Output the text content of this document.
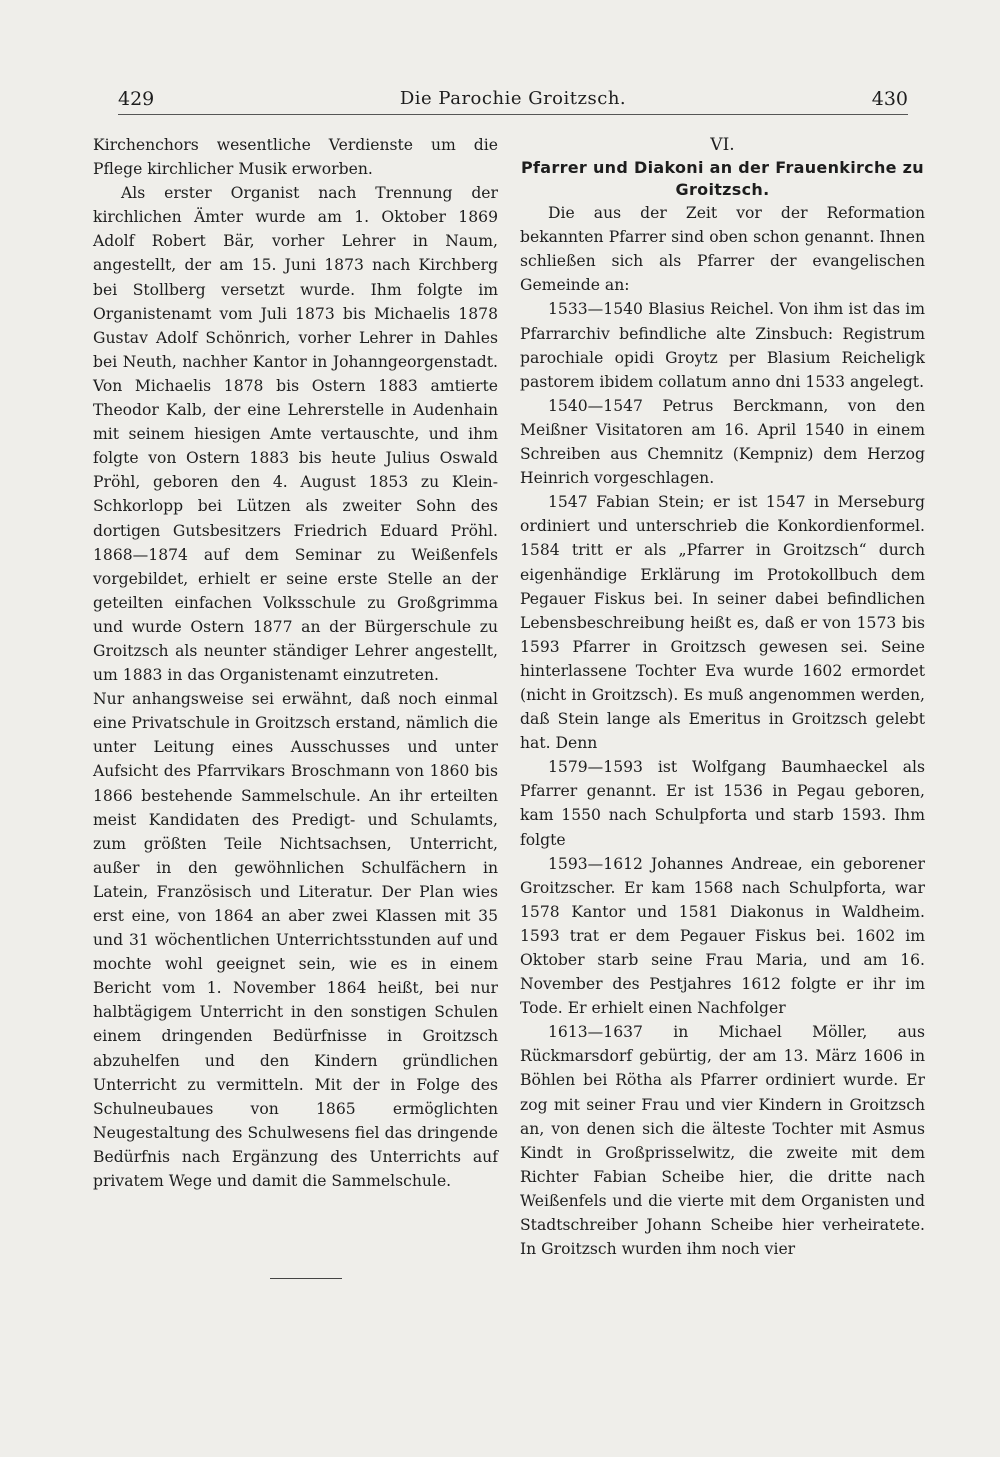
429	Die Parochie Groitzsch.	430

Kirchenchors wesentliche Verdienste um die Pflege kirchlicher Musik erworben.

Als erster Organist nach Trennung der kirchlichen Ämter wurde am 1. Oktober 1869 Adolf Robert Bär, vorher Lehrer in Naum, angestellt, der am 15. Juni 1873 nach Kirchberg bei Stollberg versetzt wurde. Ihm folgte im Organistenamt vom Juli 1873 bis Michaelis 1878 Gustav Adolf Schönrich, vorher Lehrer in Dahles bei Neuth, nachher Kantor in Johanngeorgenstadt. Von Michaelis 1878 bis Ostern 1883 amtierte Theodor Kalb, der eine Lehrerstelle in Audenhain mit seinem hiesigen Amte vertauschte, und ihm folgte von Ostern 1883 bis heute Julius Oswald Pröhl, geboren den 4. August 1853 zu Klein-Schkorlopp bei Lützen als zweiter Sohn des dortigen Gutsbesitzers Friedrich Eduard Pröhl. 1868—1874 auf dem Seminar zu Weißenfels vorgebildet, erhielt er seine erste Stelle an der geteilten einfachen Volksschule zu Großgrimma und wurde Ostern 1877 an der Bürgerschule zu Groitzsch als neunter ständiger Lehrer angestellt, um 1883 in das Organistenamt einzutreten.

Nur anhangsweise sei erwähnt, daß noch einmal eine Privatschule in Groitzsch erstand, nämlich die unter Leitung eines Ausschusses und unter Aufsicht des Pfarrvikars Broschmann von 1860 bis 1866 bestehende Sammelschule. An ihr erteilten meist Kandidaten des Predigt- und Schulamts, zum größten Teile Nichtsachsen, Unterricht, außer in den gewöhnlichen Schulfächern in Latein, Französisch und Literatur. Der Plan wies erst eine, von 1864 an aber zwei Klassen mit 35 und 31 wöchentlichen Unterrichtsstunden auf und mochte wohl geeignet sein, wie es in einem Bericht vom 1. November 1864 heißt, bei nur halbtägigem Unterricht in den sonstigen Schulen einem dringenden Bedürfnisse in Groitzsch abzuhelfen und den Kindern gründlichen Unterricht zu vermitteln. Mit der in Folge des Schulneubaues von 1865 ermöglichten Neugestaltung des Schulwesens fiel das dringende Bedürfnis nach Ergänzung des Unterrichts auf privatem Wege und damit die Sammelschule.

VI.

Pfarrer und Diakoni an der Frauenkirche zu Groitzsch.

Die aus der Zeit vor der Reformation bekannten Pfarrer sind oben schon genannt. Ihnen schließen sich als Pfarrer der evangelischen Gemeinde an:

1533—1540 Blasius Reichel. Von ihm ist das im Pfarrarchiv befindliche alte Zinsbuch: Registrum parochiale opidi Groytz per Blasium Reicheligk pastorem ibidem collatum anno dni 1533 angelegt.

1540—1547 Petrus Berckmann, von den Meißner Visitatoren am 16. April 1540 in einem Schreiben aus Chemnitz (Kempniz) dem Herzog Heinrich vorgeschlagen.

1547 Fabian Stein; er ist 1547 in Merseburg ordiniert und unterschrieb die Konkordienformel. 1584 tritt er als „Pfarrer in Groitzsch“ durch eigenhändige Erklärung im Protokollbuch dem Pegauer Fiskus bei. In seiner dabei befindlichen Lebensbeschreibung heißt es, daß er von 1573 bis 1593 Pfarrer in Groitzsch gewesen sei. Seine hinterlassene Tochter Eva wurde 1602 ermordet (nicht in Groitzsch). Es muß angenommen werden, daß Stein lange als Emeritus in Groitzsch gelebt hat. Denn

1579—1593 ist Wolfgang Baumhaeckel als Pfarrer genannt. Er ist 1536 in Pegau geboren, kam 1550 nach Schulpforta und starb 1593. Ihm folgte

1593—1612 Johannes Andreae, ein geborener Groitzscher. Er kam 1568 nach Schulpforta, war 1578 Kantor und 1581 Diakonus in Waldheim. 1593 trat er dem Pegauer Fiskus bei. 1602 im Oktober starb seine Frau Maria, und am 16. November des Pestjahres 1612 folgte er ihr im Tode. Er erhielt einen Nachfolger

1613—1637 in Michael Möller, aus Rückmarsdorf gebürtig, der am 13. März 1606 in Böhlen bei Rötha als Pfarrer ordiniert wurde. Er zog mit seiner Frau und vier Kindern in Groitzsch an, von denen sich die älteste Tochter mit Asmus Kindt in Großprisselwitz, die zweite mit dem Richter Fabian Scheibe hier, die dritte nach Weißenfels und die vierte mit dem Organisten und Stadtschreiber Johann Scheibe hier verheiratete. In Groitzsch wurden ihm noch vier
